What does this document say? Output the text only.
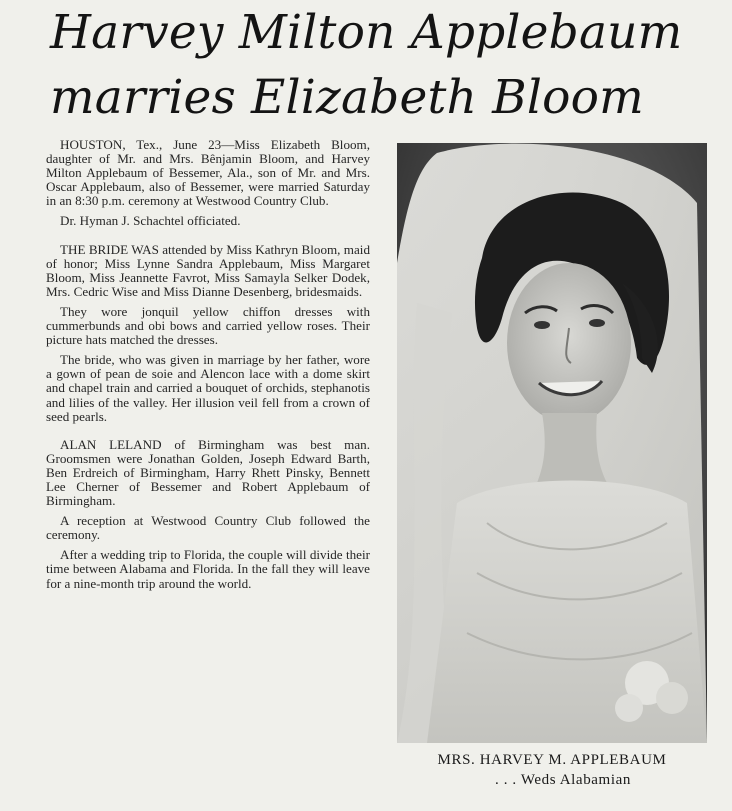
Harvey Milton Applebaum
marries Elizabeth Bloom

HOUSTON, Tex., June 23—Miss Elizabeth Bloom, daughter of Mr. and Mrs. Bênjamin Bloom, and Harvey Milton Applebaum of Bessemer, Ala., son of Mr. and Mrs. Oscar Applebaum, also of Bessemer, were married Saturday in an 8:30 p.m. ceremony at Westwood Country Club.

Dr. Hyman J. Schachtel officiated.

THE BRIDE WAS attended by Miss Kathryn Bloom, maid of honor; Miss Lynne Sandra Applebaum, Miss Margaret Bloom, Miss Jeannette Favrot, Miss Samayla Selker Dodek, Mrs. Cedric Wise and Miss Dianne Desenberg, bridesmaids.

They wore jonquil yellow chiffon dresses with cummerbunds and obi bows and carried yellow roses. Their picture hats matched the dresses.

The bride, who was given in marriage by her father, wore a gown of pean de soie and Alencon lace with a dome skirt and chapel train and carried a bouquet of orchids, stephanotis and lilies of the valley. Her illusion veil fell from a crown of seed pearls.

ALAN LELAND of Birmingham was best man. Groomsmen were Jonathan Golden, Joseph Edward Barth, Ben Erdreich of Birmingham, Harry Rhett Pinsky, Bennett Lee Cherner of Bessemer and Robert Applebaum of Birmingham.

A reception at Westwood Country Club followed the ceremony.

After a wedding trip to Florida, the couple will divide their time between Alabama and Florida. In the fall they will leave for a nine-month trip around the world.

MRS. HARVEY M. APPLEBAUM
. . . Weds Alabamian
